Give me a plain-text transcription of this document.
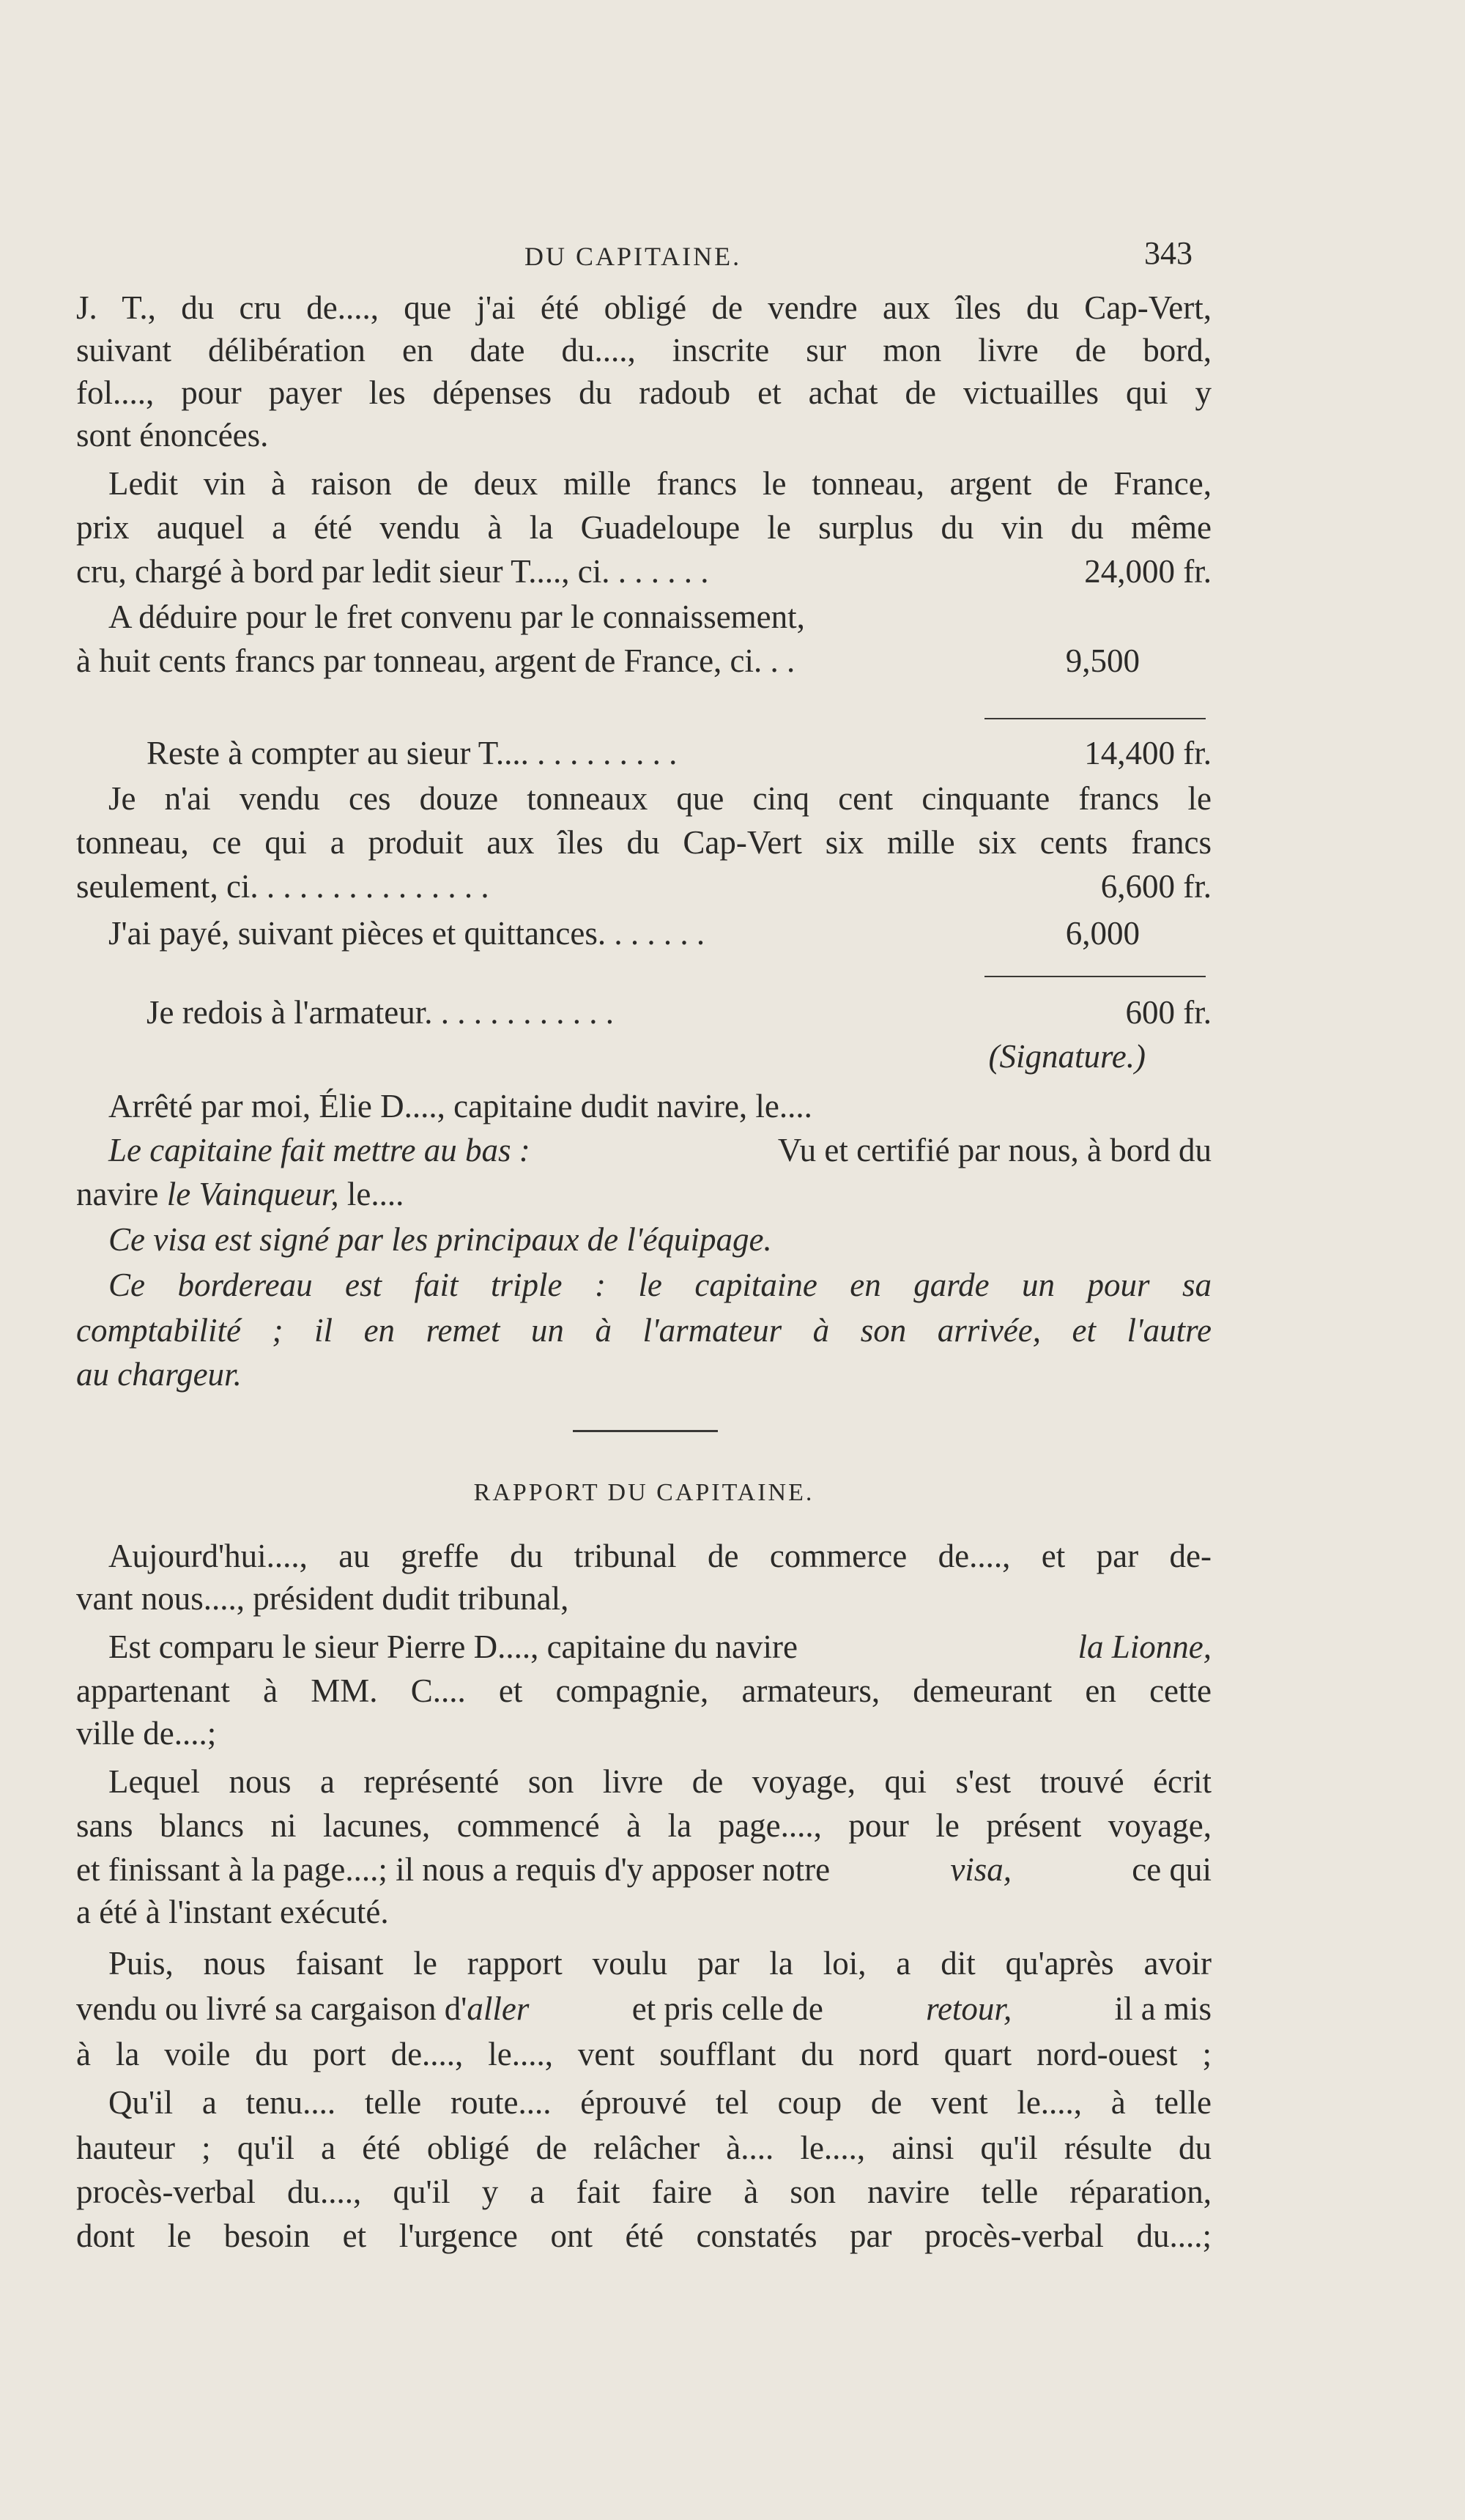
DU CAPITAINE.	343
J. T., du cru de...., que j'ai été obligé de vendre aux îles du Cap-Vert,
suivant délibération en date du...., inscrite sur mon livre de bord,
fol...., pour payer les dépenses du radoub et achat de victuailles qui y
sont énoncées.
Ledit vin à raison de deux mille francs le tonneau, argent de France,
prix auquel a été vendu à la Guadeloupe le surplus du vin du même
cru, chargé à bord par ledit sieur T...., ci. . . . . . .	24,000 fr.
A déduire pour le fret convenu par le connaissement,
à huit cents francs par tonneau, argent de France, ci. . .	9,500
Reste à compter au sieur T.... . . . . . . . . .	14,400 fr.
Je n'ai vendu ces douze tonneaux que cinq cent cinquante francs le
tonneau, ce qui a produit aux îles du Cap-Vert six mille six cents francs
seulement, ci. . . . . . . . . . . . . . .	6,600 fr.
J'ai payé, suivant pièces et quittances. . . . . . .	6,000
Je redois à l'armateur. . . . . . . . . . . .	600 fr.
(Signature.)
Arrêté par moi, Élie D...., capitaine dudit navire, le....
Le capitaine fait mettre au bas :	Vu et certifié par nous, à bord du
navire le Vainqueur, le....
Ce visa est signé par les principaux de l'équipage.
Ce bordereau est fait triple : le capitaine en garde un pour sa
comptabilité ; il en remet un à l'armateur à son arrivée, et l'autre
au chargeur.
RAPPORT DU CAPITAINE.
Aujourd'hui...., au greffe du tribunal de commerce de...., et par de-
vant nous...., président dudit tribunal,
Est comparu le sieur Pierre D...., capitaine du navire	la Lionne,
appartenant à MM. C.... et compagnie, armateurs, demeurant en cette
ville de....;
Lequel nous a représenté son livre de voyage, qui s'est trouvé écrit
sans blancs ni lacunes, commencé à la page...., pour le présent voyage,
et finissant à la page....; il nous a requis d'y apposer notre	visa,	ce qui
a été à l'instant exécuté.
Puis, nous faisant le rapport voulu par la loi, a dit qu'après avoir
vendu ou livré sa cargaison d'aller	et pris celle de	retour,	il a mis
à la voile du port de...., le...., vent soufflant du nord quart nord-ouest ;
Qu'il a tenu.... telle route.... éprouvé tel coup de vent le...., à telle
hauteur ; qu'il a été obligé de relâcher à.... le...., ainsi qu'il résulte du
procès-verbal du...., qu'il y a fait faire à son navire telle réparation,
dont le besoin et l'urgence ont été constatés par procès-verbal du....;
